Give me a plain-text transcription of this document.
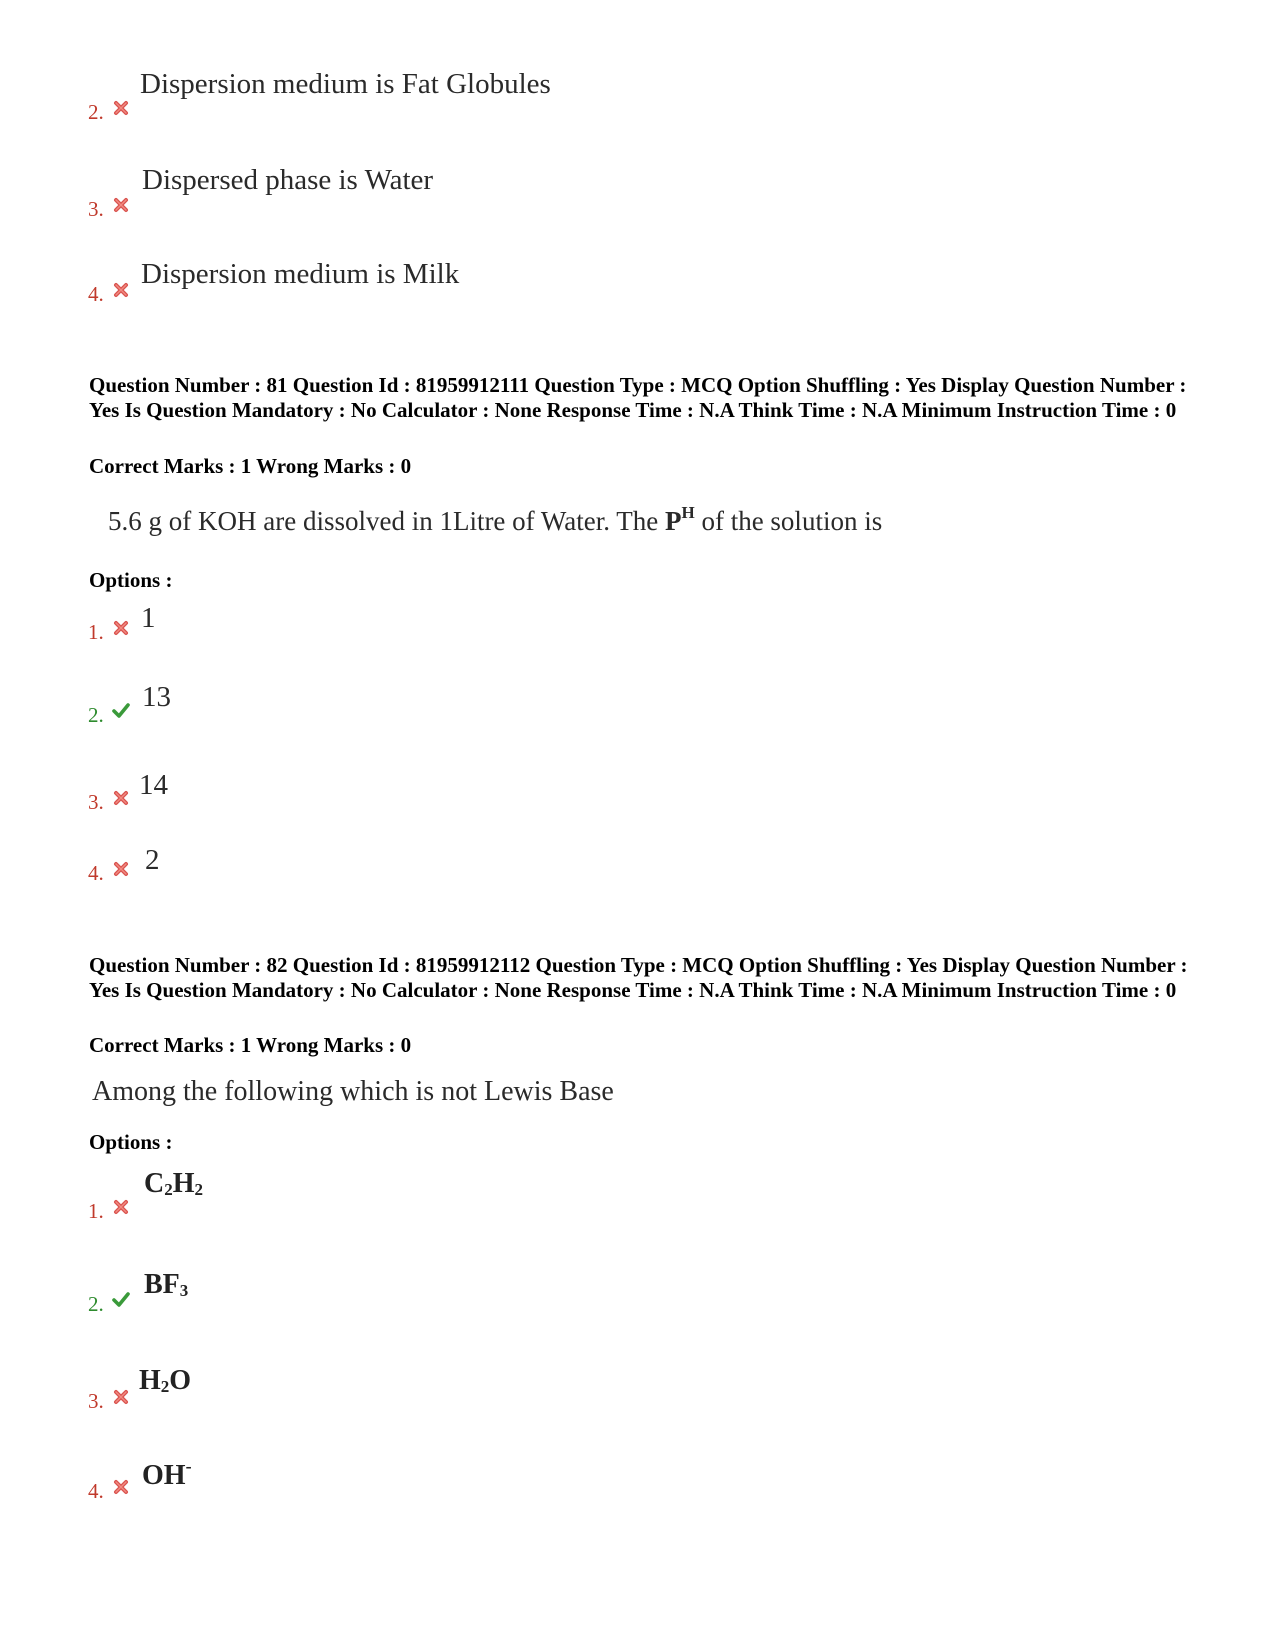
Dispersion medium is Fat Globules
2.
Dispersed phase is Water
3.
Dispersion medium is Milk
4.
Question Number : 81 Question Id : 81959912111 Question Type : MCQ Option Shuffling : Yes Display Question Number : Yes Is Question Mandatory : No Calculator : None Response Time : N.A Think Time : N.A Minimum Instruction Time : 0
Correct Marks : 1 Wrong Marks : 0
5.6 g of KOH are dissolved in 1Litre of Water. The $P^H$ of the solution is
Options :
1
1.
13
2.
14
3.
2
4.
Question Number : 82 Question Id : 81959912112 Question Type : MCQ Option Shuffling : Yes Display Question Number : Yes Is Question Mandatory : No Calculator : None Response Time : N.A Think Time : N.A Minimum Instruction Time : 0
Correct Marks : 1 Wrong Marks : 0
Among the following which is not Lewis Base
Options :
$C_2H_2$
1.
$BF_3$
2.
$H_2O$
3.
OH-
4.
